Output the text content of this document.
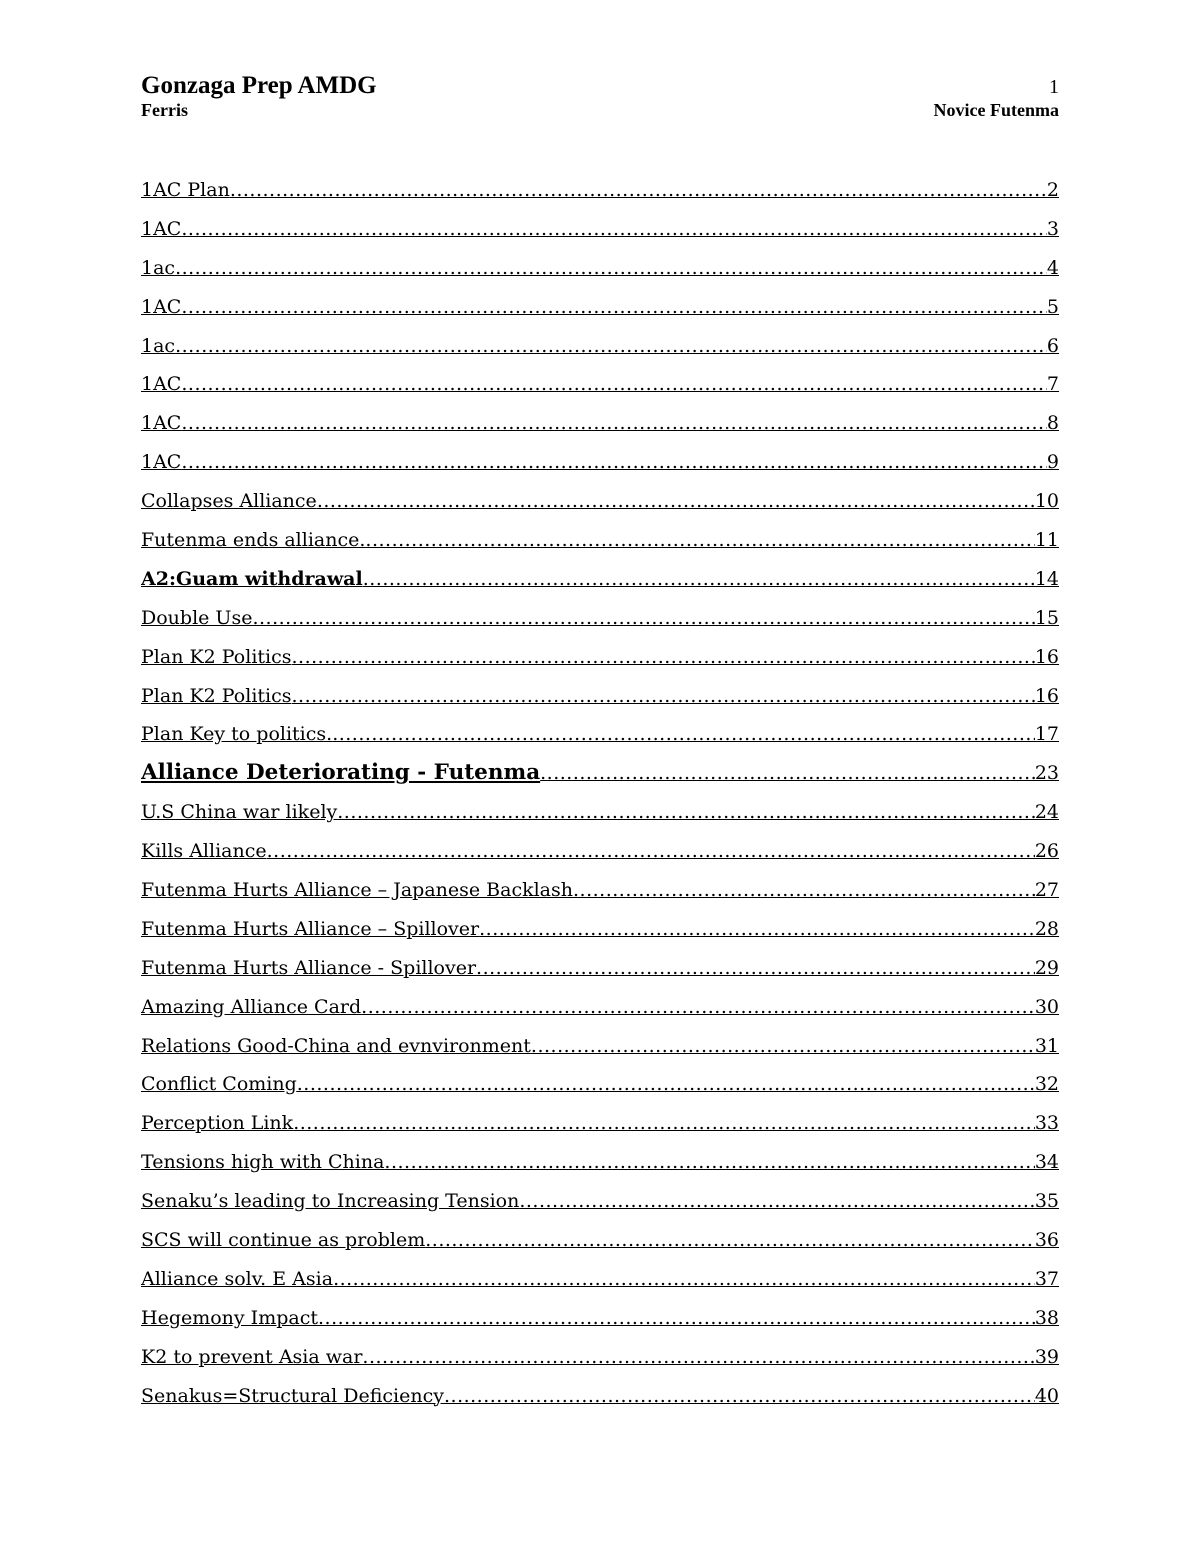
Gonzaga Prep AMDG	1
Ferris	Novice Futenma
1AC Plan .....	2
1AC .....	3
1ac .....	4
1AC .....	5
1ac .....	6
1AC .....	7
1AC .....	8
1AC .....	9
Collapses Alliance .....	10
Futenma ends alliance. .....	11
A2:Guam withdrawal .....	14
Double Use .....	15
Plan K2 Politics .....	16
Plan K2 Politics .....	16
Plan Key to politics. .....	17
Alliance Deteriorating - Futenma .....	23
U.S China war likely .....	24
Kills Alliance .....	26
Futenma Hurts Alliance – Japanese Backlash .....	27
Futenma Hurts Alliance – Spillover .....	28
Futenma Hurts Alliance - Spillover .....	29
Amazing Alliance Card .....	30
Relations Good-China and evnvironment .....	31
Conflict Coming .....	32
Perception Link .....	33
Tensions high with China .....	34
Senaku’s leading to Increasing Tension .....	35
SCS will continue as problem .....	36
Alliance solv. E Asia .....	37
Hegemony Impact .....	38
K2 to prevent Asia war .....	39
Senakus=Structural Deficiency .....	40
